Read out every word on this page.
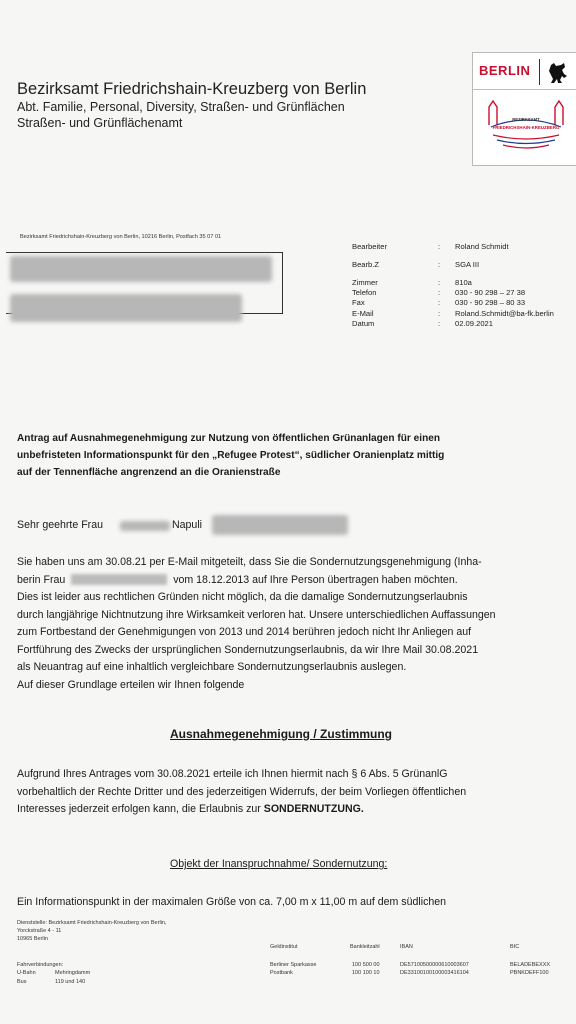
Bezirksamt Friedrichshain-Kreuzberg von Berlin
Abt. Familie, Personal, Diversity, Straßen- und Grünflächen
Straßen- und Grünflächenamt
BERLIN
BEZIRKSAMT
FRIEDRICHSHAIN-KREUZBERG
Bezirksamt Friedrichshain-Kreuzberg von Berlin, 10216 Berlin, Postfach 35 07 01
Bearbeiter	: Roland Schmidt
Bearb.Z	: SGA III
Zimmer	: 810a
Telefon	: 030 - 90 298 – 27 38
Fax	: 030 - 90 298 – 80 33
E-Mail	: Roland.Schmidt@ba-fk.berlin
Datum	: 02.09.2021
Antrag auf Ausnahmegenehmigung zur Nutzung von öffentlichen Grünanlagen für einen
unbefristeten Informationspunkt für den „Refugee Protest“, südlicher Oranienplatz mittig
auf der Tennenfläche angrenzend an die Oranienstraße
Sehr geehrte Frau	Napuli
Sie haben uns am 30.08.21 per E-Mail mitgeteilt, dass Sie die Sondernutzungsgenehmigung (Inha-
berin Frau	vom 18.12.2013 auf Ihre Person übertragen haben möchten.
Dies ist leider aus rechtlichen Gründen nicht möglich, da die damalige Sondernutzungserlaubnis
durch langjährige Nichtnutzung ihre Wirksamkeit verloren hat. Unsere unterschiedlichen Auffassungen
zum Fortbestand der Genehmigungen von 2013 und 2014 berühren jedoch nicht Ihr Anliegen auf
Fortführung des Zwecks der ursprünglichen Sondernutzungserlaubnis, da wir Ihre Mail 30.08.2021
als Neuantrag auf eine inhaltlich vergleichbare Sondernutzungserlaubnis auslegen.
Auf dieser Grundlage erteilen wir Ihnen folgende
Ausnahmegenehmigung / Zustimmung
Aufgrund Ihres Antrages vom 30.08.2021 erteile ich Ihnen hiermit nach § 6 Abs. 5 GrünanlG
vorbehaltlich der Rechte Dritter und des jederzeitigen Widerrufs, der beim Vorliegen öffentlichen
Interesses jederzeit erfolgen kann, die Erlaubnis zur SONDERNUTZUNG.
Objekt der Inanspruchnahme/ Sondernutzung:
Ein Informationspunkt in der maximalen Größe von ca. 7,00 m x 11,00 m auf dem südlichen
Dienststelle: Bezirksamt Friedrichshain-Kreuzberg von Berlin,
Yorckstraße 4 - 11
10965 Berlin
Fahrverbindungen:
U-Bahn	Mehringdamm
Bus	119 und 140
Geldinstitut	Bankleitzahl	IBAN	BIC
Berliner Sparkasse	100 500 00	DE57100500000610003607	BELADEBEXXX
Postbank	100 100 10	DE33100100100003416104	PBNKDEFF100
